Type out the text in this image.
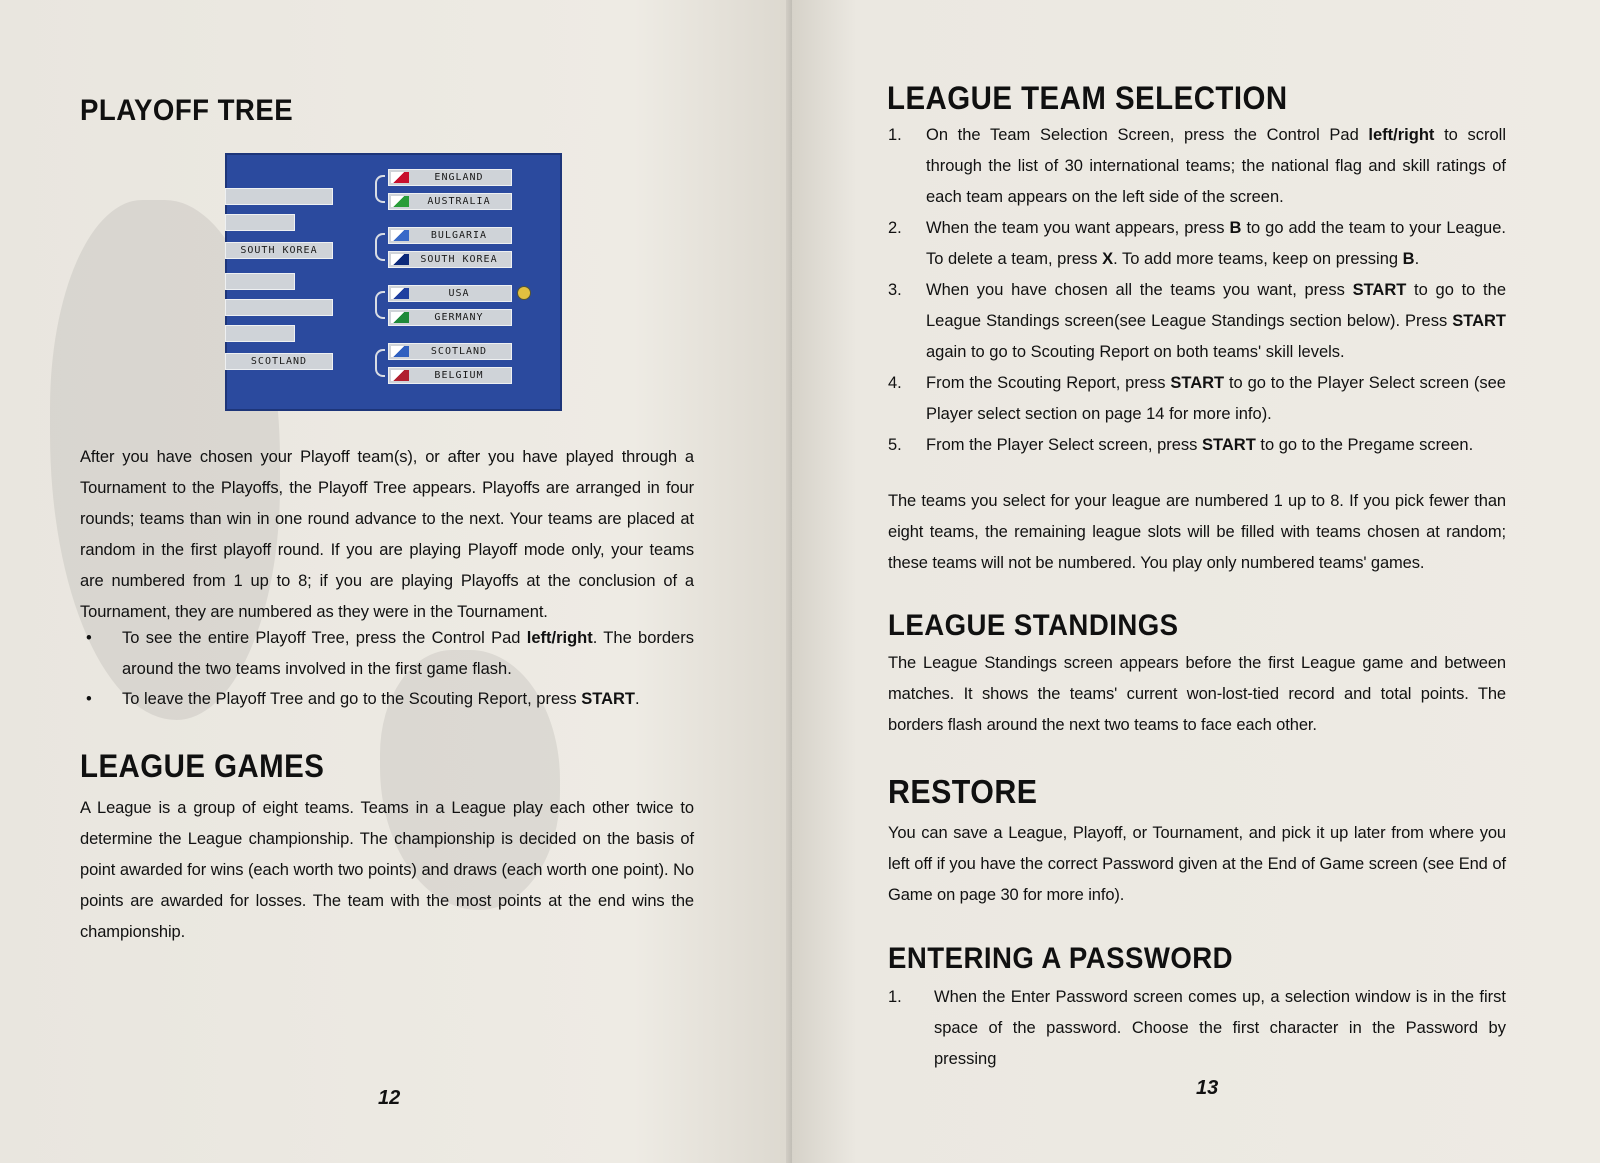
PLAYOFF TREE
SOUTH KOREA
SCOTLAND
ENGLAND
AUSTRALIA
BULGARIA
SOUTH KOREA
USA
GERMANY
SCOTLAND
BELGIUM
After you have chosen your Playoff team(s), or after you have played through a
Tournament to the Playoffs, the Playoff Tree appears. Playoffs are arranged in four
rounds; teams than win in one round advance to the next. Your teams are placed at
random in the first playoff round. If you are playing Playoff mode only, your teams
are numbered from 1 up to 8; if you are playing Playoffs at the conclusion of a
Tournament, they are numbered as they were in the Tournament.
• To see the entire Playoff Tree, press the Control Pad left/right. The borders around the two teams involved in the first game flash.
• To leave the Playoff Tree and go to the Scouting Report, press START.
LEAGUE GAMES

A League is a group of eight teams. Teams in a League play each other twice to determine the League championship. The championship is decided on the basis of point awarded for wins (each worth two points) and draws (each worth one point). No points are awarded for losses. The team with the most points at the end wins the championship.

12
LEAGUE TEAM SELECTION
1. On the Team Selection Screen, press the Control Pad left/right to scroll through the list of 30 international teams; the national flag and skill ratings of each team appears on the left side of the screen.
2. When the team you want appears, press B to go add the team to your League. To delete a team, press X. To add more teams, keep on pressing B.
3. When you have chosen all the teams you want, press START to go to the League Standings screen(see League Standings section below). Press START again to go to Scouting Report on both teams' skill levels.
4. From the Scouting Report, press START to go to the Player Select screen (see Player select section on page 14 for more info).
5. From the Player Select screen, press START to go to the Pregame screen.

The teams you select for your league are numbered 1 up to 8. If you pick fewer than eight teams, the remaining league slots will be filled with teams chosen at random; these teams will not be numbered. You play only numbered teams' games.

LEAGUE STANDINGS

The League Standings screen appears before the first League game and between matches. It shows the teams' current won-lost-tied record and total points. The borders flash around the next two teams to face each other.

RESTORE

You can save a League, Playoff, or Tournament, and pick it up later from where you left off if you have the correct Password given at the End of Game screen (see End of Game on page 30 for more info).

ENTERING A PASSWORD
1. When the Enter Password screen comes up, a selection window is in the first space of the password. Choose the first character in the Password by pressing
13
